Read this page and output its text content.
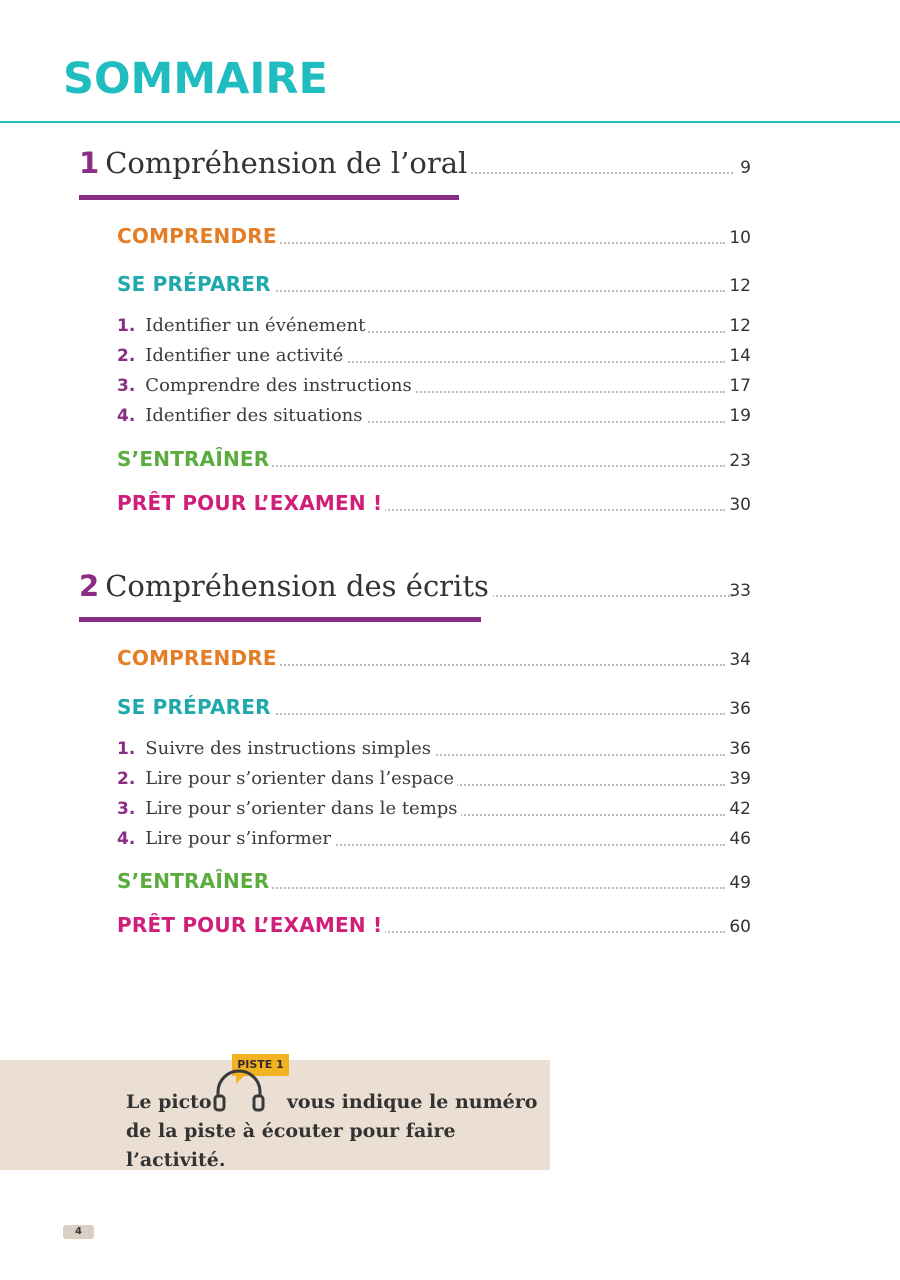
SOMMAIRE
1 Compréhension de l’oral	9
COMPRENDRE	10
SE PRÉPARER	12
1. Identifier un événement	12
2. Identifier une activité	14
3. Comprendre des instructions	17
4. Identifier des situations	19
S’ENTRAÎNER	23
PRÊT POUR L’EXAMEN !	30
2 Compréhension des écrits	33
COMPRENDRE	34
SE PRÉPARER	36
1. Suivre des instructions simples	36
2. Lire pour s’orienter dans l’espace	39
3. Lire pour s’orienter dans le temps	42
4. Lire pour s’informer	46
S’ENTRAÎNER	49
PRÊT POUR L’EXAMEN !	60
Le picto	vous indique le numéro
de la piste à écouter pour faire l’activité.
PISTE 1
4
